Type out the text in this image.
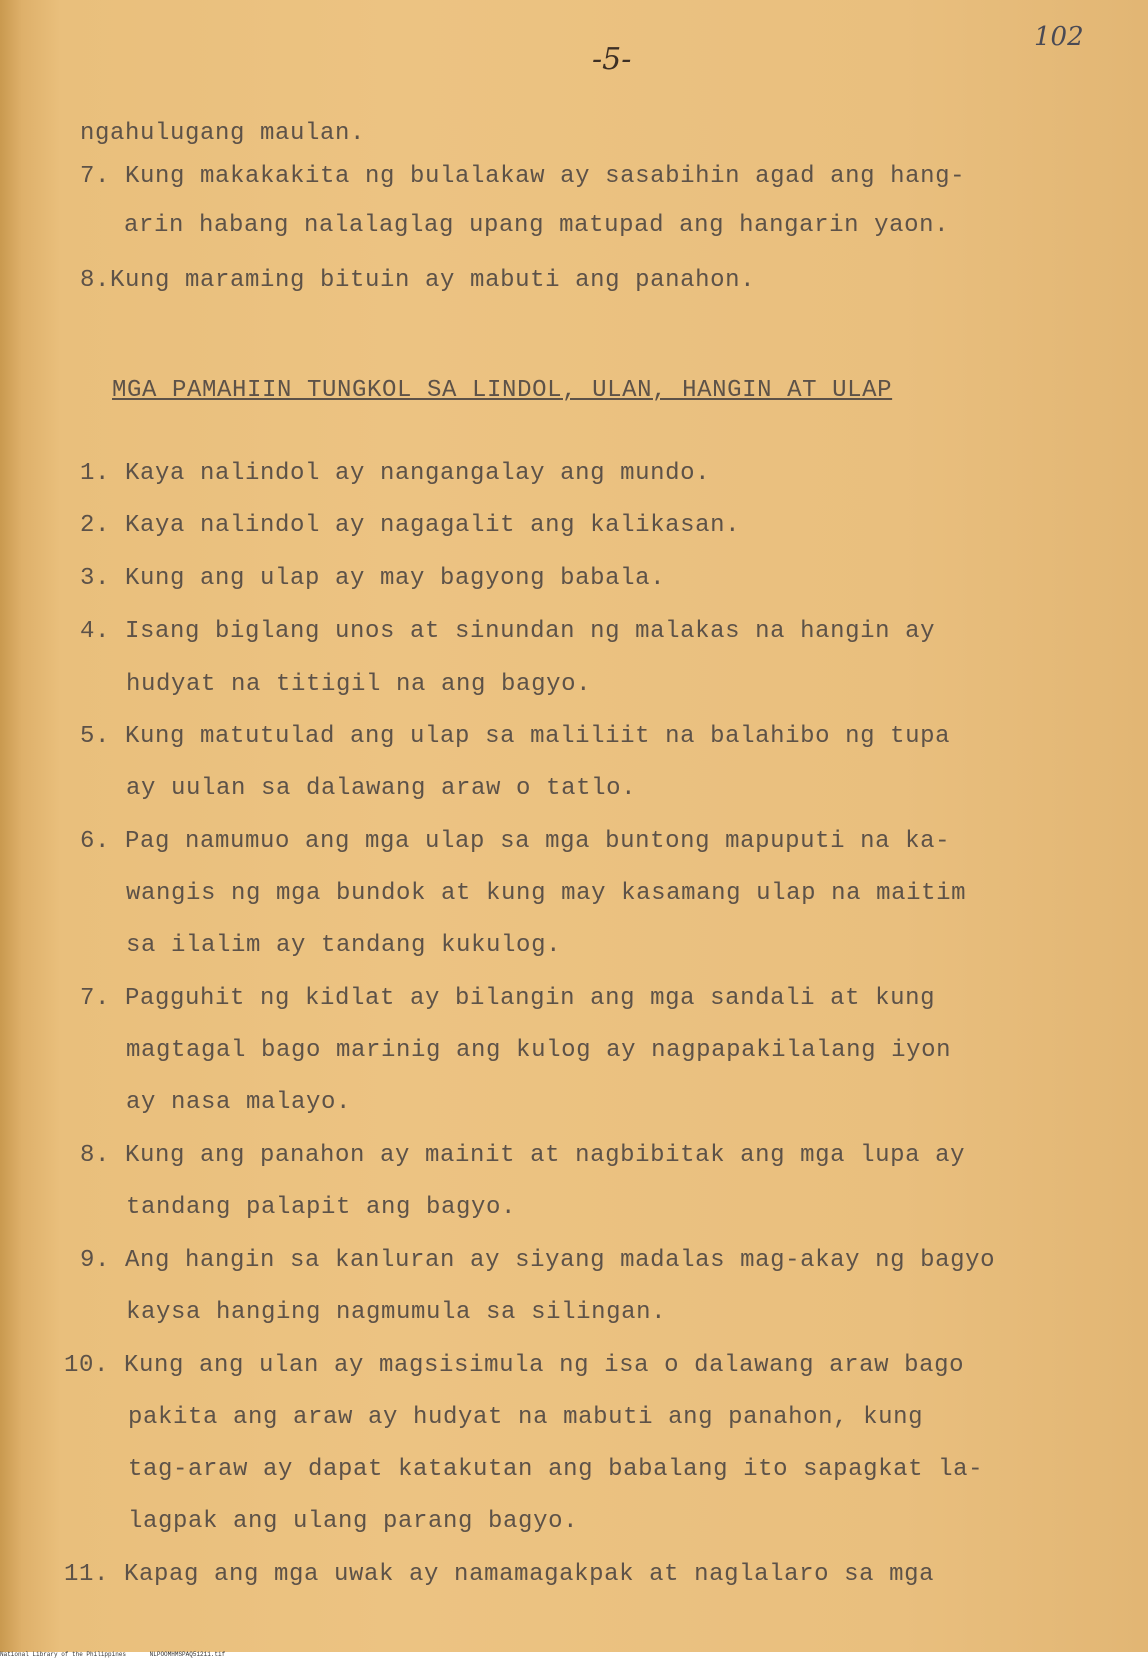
-5-
102
ngahulugang maulan.
7. Kung makakakita ng bulalakaw ay sasabihin agad ang hang-
arin habang nalalaglag upang matupad ang hangarin yaon.
8.Kung maraming bituin ay mabuti ang panahon.
MGA PAMAHIIN TUNGKOL SA LINDOL, ULAN, HANGIN AT ULAP
1. Kaya nalindol ay nangangalay ang mundo.
2. Kaya nalindol ay nagagalit ang kalikasan.
3. Kung ang ulap ay may bagyong babala.
4. Isang biglang unos at sinundan ng malakas na hangin ay
hudyat na titigil na ang bagyo.
5. Kung matutulad ang ulap sa maliliit na balahibo ng tupa
ay uulan sa dalawang araw o tatlo.
6. Pag namumuo ang mga ulap sa mga buntong mapuputi na ka-
wangis ng mga bundok at kung may kasamang ulap na maitim
sa ilalim ay tandang kukulog.
7. Pagguhit ng kidlat ay bilangin ang mga sandali at kung
magtagal bago marinig ang kulog ay nagpapakilalang iyon
ay nasa malayo.
8. Kung ang panahon ay mainit at nagbibitak ang mga lupa ay
tandang palapit ang bagyo.
9. Ang hangin sa kanluran ay siyang madalas mag-akay ng bagyo
kaysa hanging nagmumula sa silingan.
10. Kung ang ulan ay magsisimula ng isa o dalawang araw bago
pakita ang araw ay hudyat na mabuti ang panahon, kung
tag-araw ay dapat katakutan ang babalang ito sapagkat la-
lagpak ang ulang parang bagyo.
11. Kapag ang mga uwak ay namamagakpak at naglalaro sa mga
National Library of the Philippines	NLPOOMHMSPAQ51211.tif
